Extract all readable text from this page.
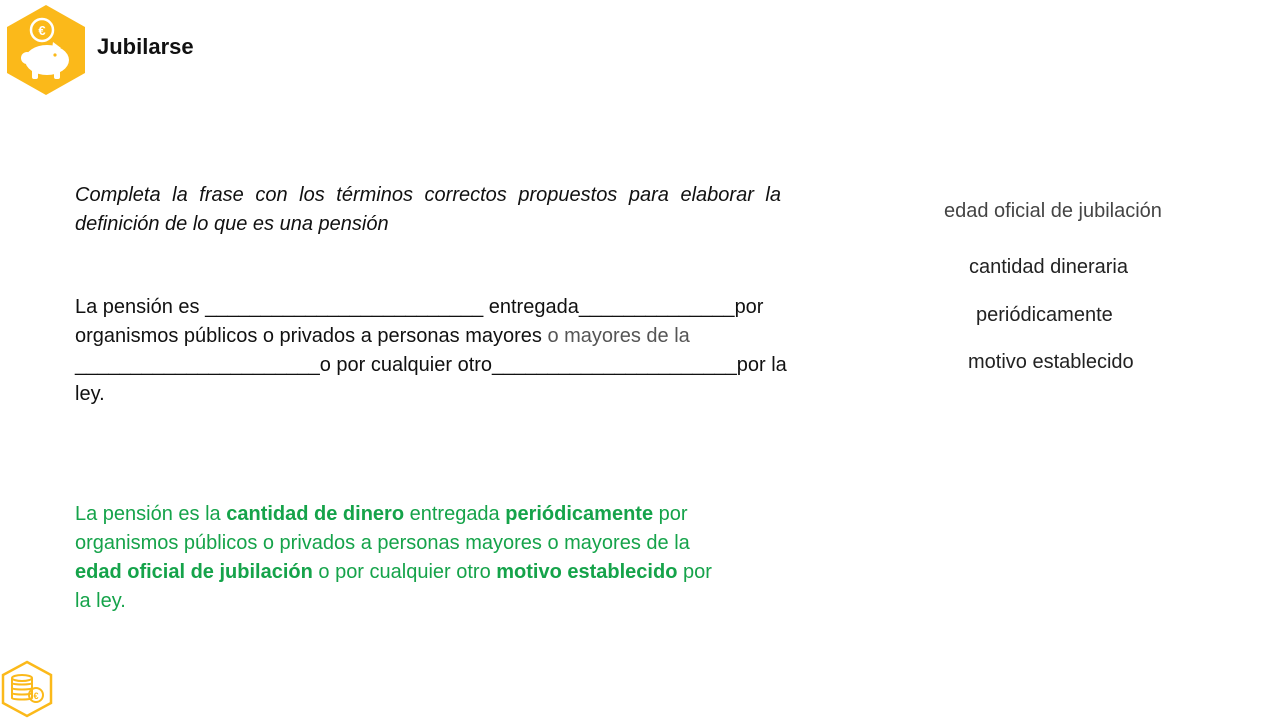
€
Jubilarse
Completa la frase con los términos correctos propuestos para elaborar la definición de lo que es una pensión
La pensión es _________________________ entregada______________por organismos públicos o privados a personas mayores o mayores de la
______________________o por cualquier otro______________________por la ley.
edad oficial de jubilación
cantidad dineraria
periódicamente
motivo establecido
La pensión es la cantidad de dinero entregada periódicamente por organismos públicos o privados a personas mayores o mayores de la edad oficial de jubilación o por cualquier otro motivo establecido por la ley.
€
